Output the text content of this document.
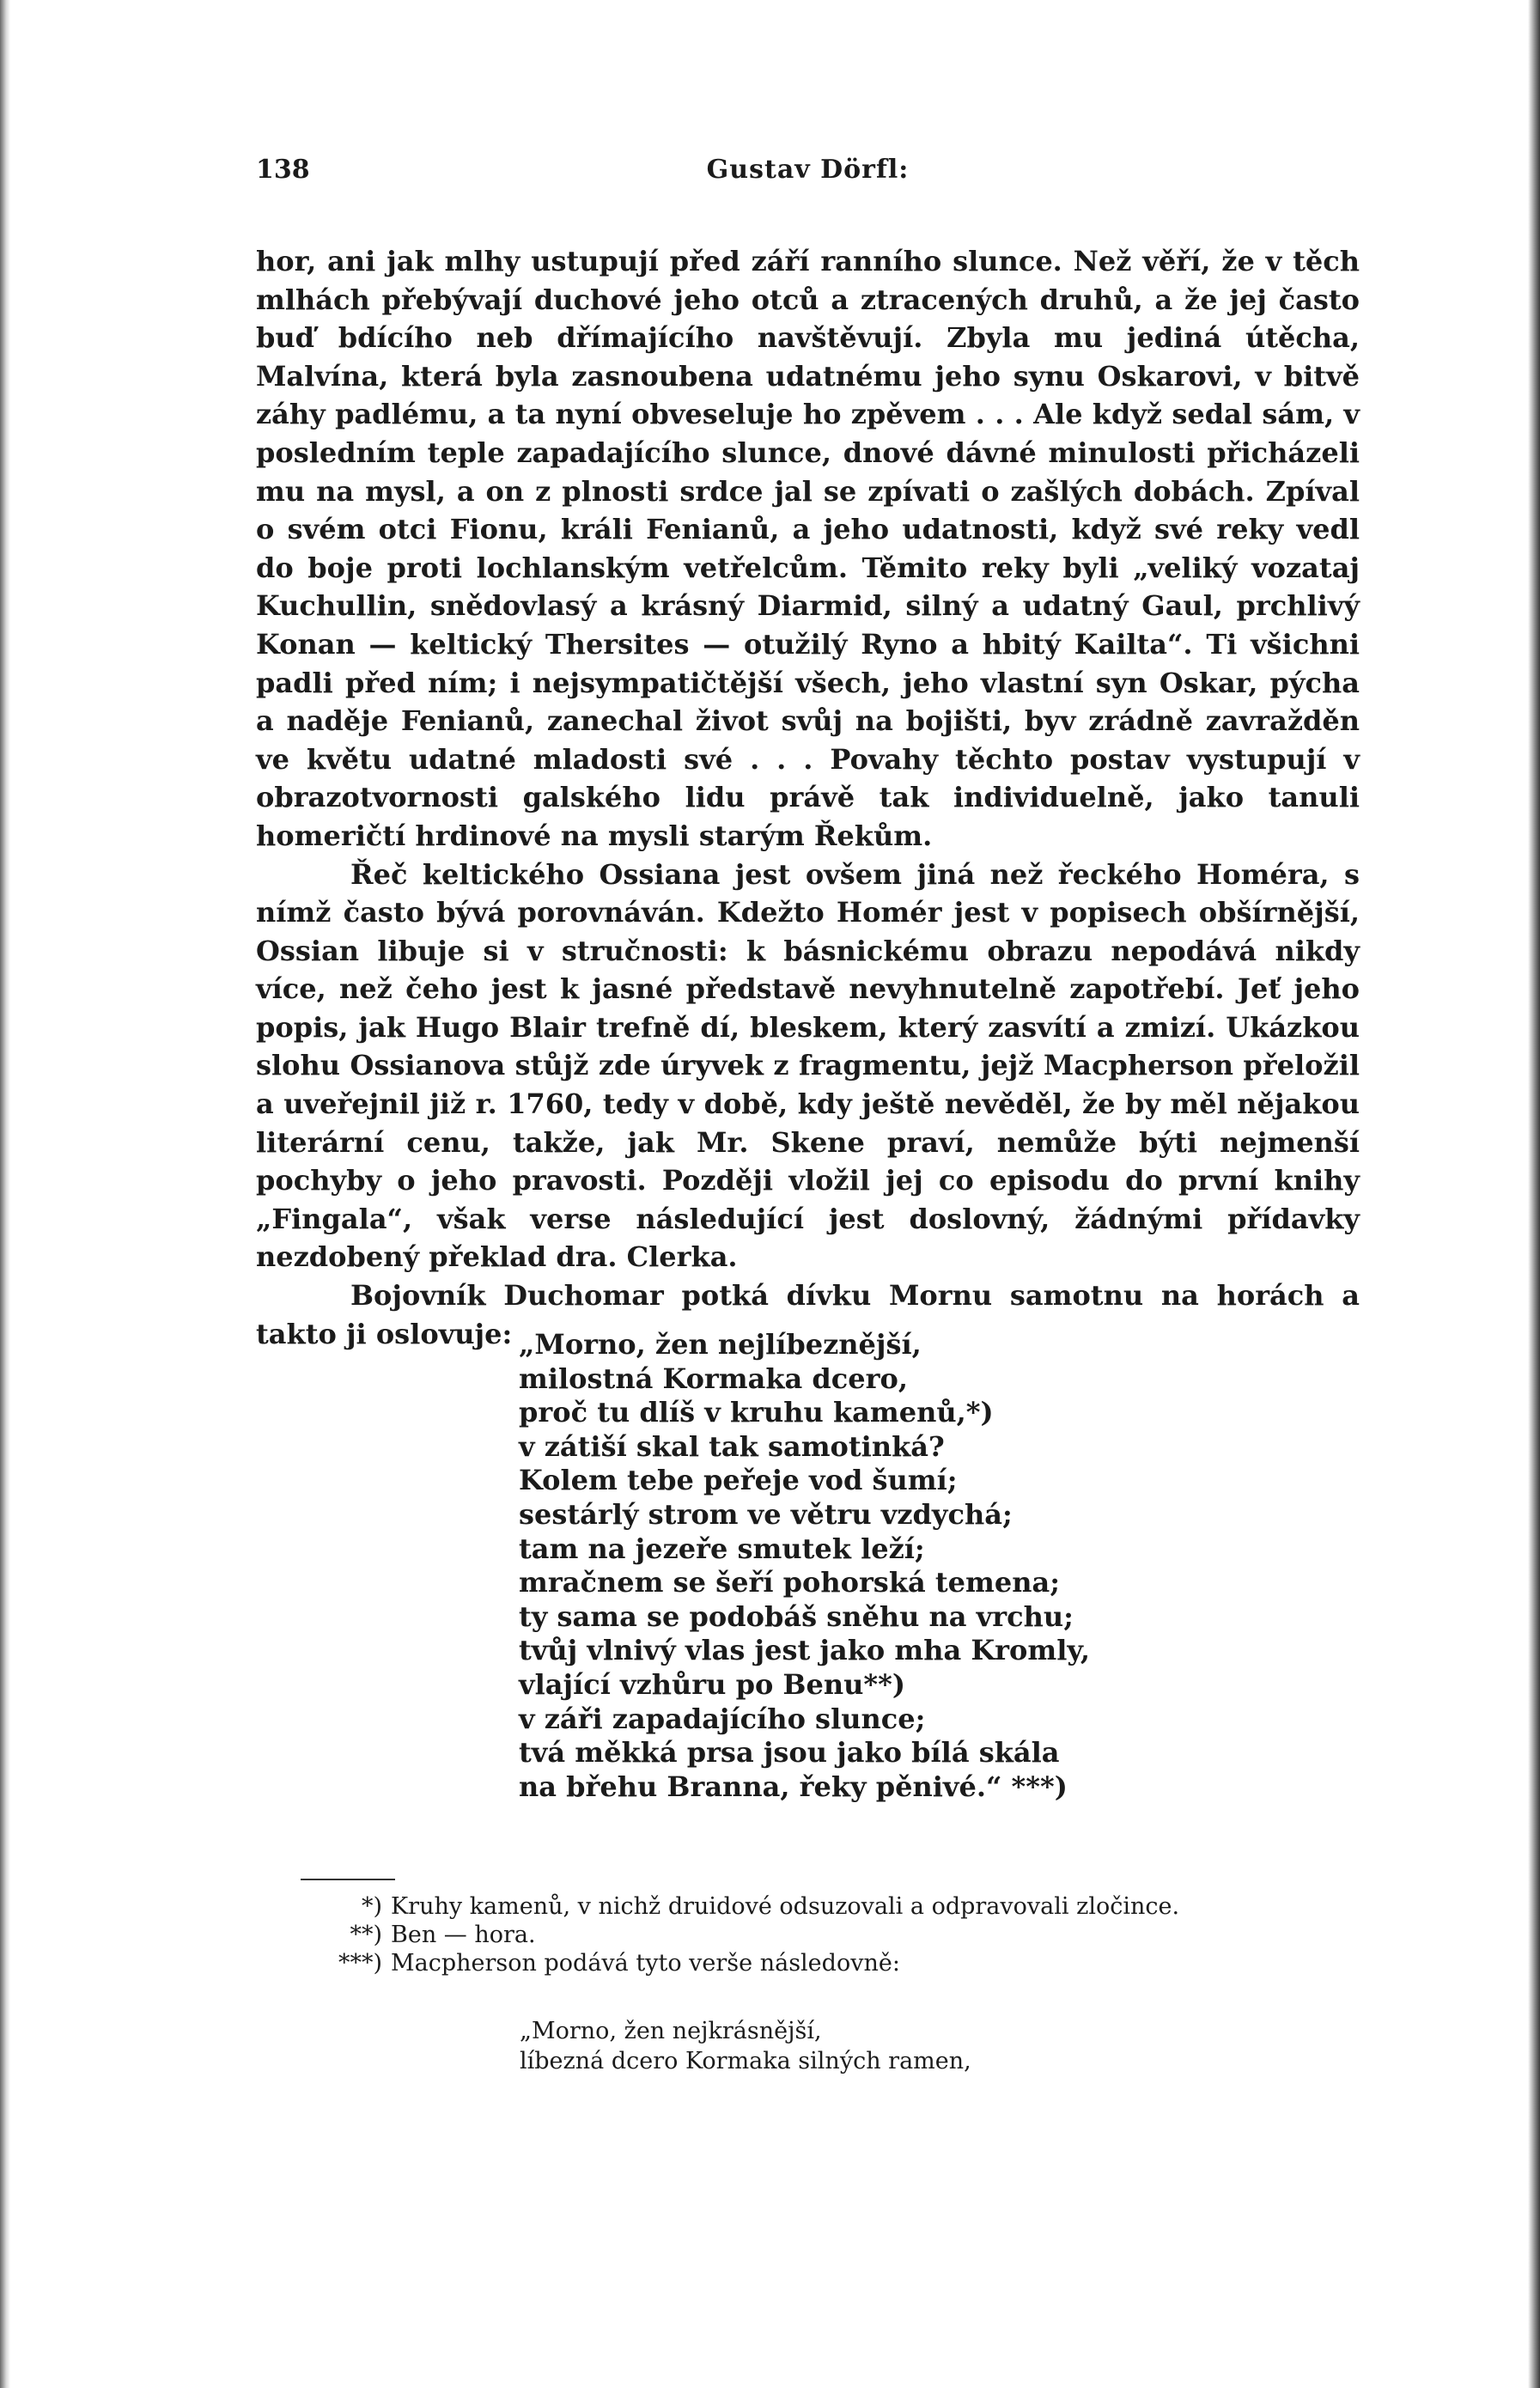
138	Gustav Dörfl:

hor, ani jak mlhy ustupují před září ranního slunce. Než věří, že v těch mlhách přebývají duchové jeho otců a ztracených druhů, a že jej často buď bdícího neb dřímajícího navštěvují. Zbyla mu jediná útěcha, Malvína, která byla zasnoubena udatnému jeho synu Oskarovi, v bitvě záhy padlému, a ta nyní obveseluje ho zpěvem . . . Ale když sedal sám, v posledním teple zapadajícího slunce, dnové dávné minulosti přicházeli mu na mysl, a on z plnosti srdce jal se zpívati o zašlých dobách. Zpíval o svém otci Fionu, králi Fenianů, a jeho udatnosti, když své reky vedl do boje proti lochlanským vetřelcům. Těmito reky byli „veliký vozataj Kuchullin, snědovlasý a krásný Diarmid, silný a udatný Gaul, prchlivý Konan — keltický Thersites — otužilý Ryno a hbitý Kailta“. Ti všichni padli před ním; i nejsympatičtější všech, jeho vlastní syn Oskar, pýcha a naděje Fenianů, zanechal život svůj na bojišti, byv zrádně zavražděn ve květu udatné mladosti své . . . Povahy těchto postav vystupují v obrazotvornosti galského lidu právě tak individuelně, jako tanuli homeričtí hrdinové na mysli starým Řekům.

Řeč keltického Ossiana jest ovšem jiná než řeckého Homéra, s nímž často bývá porovnáván. Kdežto Homér jest v popisech obšírnější, Ossian libuje si v stručnosti: k básnickému obrazu nepodává nikdy více, než čeho jest k jasné představě nevyhnutelně zapotřebí. Jeť jeho popis, jak Hugo Blair trefně dí, bleskem, který zasvítí a zmizí. Ukázkou slohu Ossianova stůjž zde úryvek z fragmentu, jejž Macpherson přeložil a uveřejnil již r. 1760, tedy v době, kdy ještě nevěděl, že by měl nějakou literární cenu, takže, jak Mr. Skene praví, nemůže býti nejmenší pochyby o jeho pravosti. Později vložil jej co episodu do první knihy „Fingala“, však verse následující jest doslovný, žádnými přídavky nezdobený překlad dra. Clerka.

Bojovník Duchomar potká dívku Mornu samotnu na horách a takto ji oslovuje: „Morno, žen nejlíbeznější,
milostná Kormaka dcero,
proč tu dlíš v kruhu kamenů,*)
v zátiší skal tak samotinká?
Kolem tebe peřeje vod šumí;
sestárlý strom ve větru vzdychá;
tam na jezeře smutek leží;
mračnem se šeří pohorská temena;
ty sama se podobáš sněhu na vrchu;
tvůj vlnivý vlas jest jako mha Kromly,
vlající vzhůru po Benu**)
v záři zapadajícího slunce;
tvá měkká prsa jsou jako bílá skála
na břehu Branna, řeky pěnivé.“ ***)
*) Kruhy kamenů, v nichž druidové odsuzovali a odpravovali zločince.
**) Ben — hora.
***) Macpherson podává tyto verše následovně:
„Morno, žen nejkrásnější,
líbezná dcero Kormaka silných ramen,
